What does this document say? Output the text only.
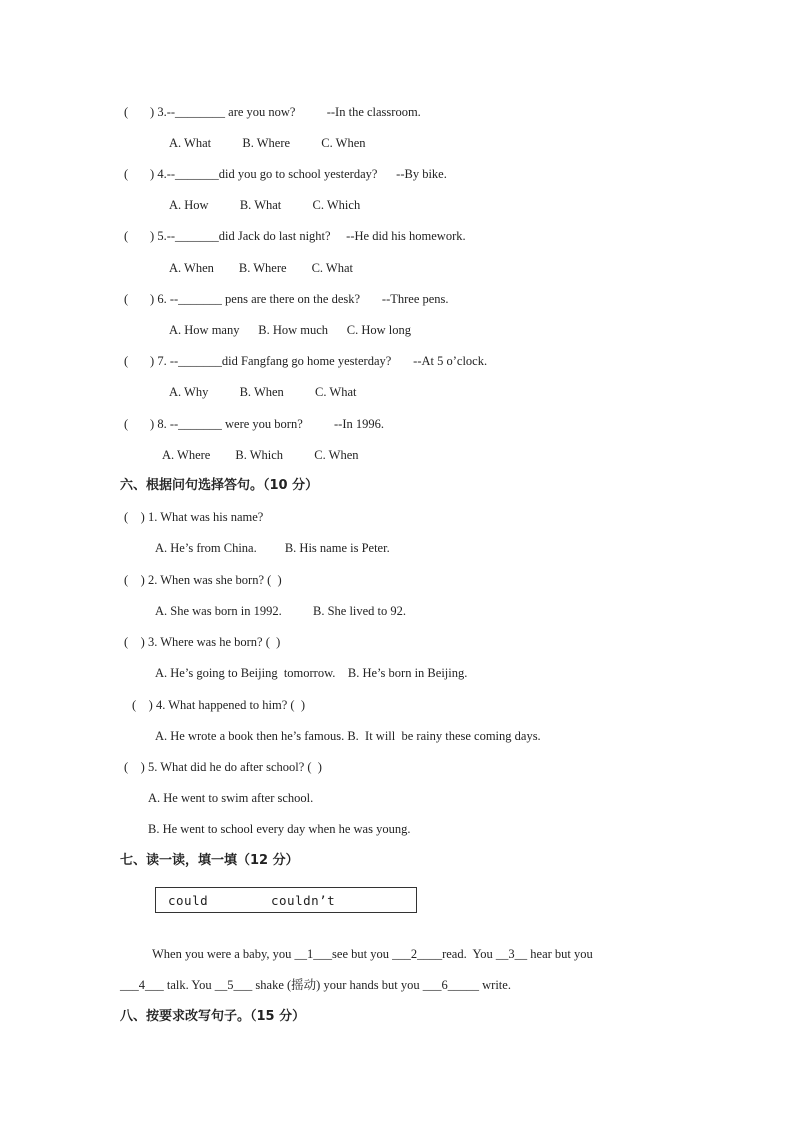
(       ) 3.--________ are you now?          --In the classroom.
A. What          B. Where          C. When
(       ) 4.--_______did you go to school yesterday?      --By bike.
A. How          B. What          C. Which
(       ) 5.--_______did Jack do last night?     --He did his homework.
A. When        B. Where        C. What
(       ) 6. --_______ pens are there on the desk?       --Three pens.
A. How many      B. How much      C. How long
(       ) 7. --_______did Fangfang go home yesterday?       --At 5 o’clock.
A. Why          B. When          C. What
(       ) 8. --_______ were you born?          --In 1996.
A. Where        B. Which          C. When
六、根据问句选择答句。（10 分）
(    ) 1. What was his name?
A. He’s from China.         B. His name is Peter.
(    ) 2. When was she born? (  )
A. She was born in 1992.          B. She lived to 92.
(    ) 3. Where was he born? (  )
A. He’s going to Beijing  tomorrow.    B. He’s born in Beijing.
(    ) 4. What happened to him? (  )
A. He wrote a book then he’s famous. B.  It will  be rainy these coming days.
(    ) 5. What did he do after school? (  )
A. He went to swim after school.
B. He went to school every day when he was young.
七、读一读，填一填（12 分）
could	couldn’t
When you were a baby, you __1___see but you ___2____read.  You __3__ hear but you
___4___ talk. You __5___ shake (摇动) your hands but you ___6_____ write.
八、按要求改写句子。（15 分）
